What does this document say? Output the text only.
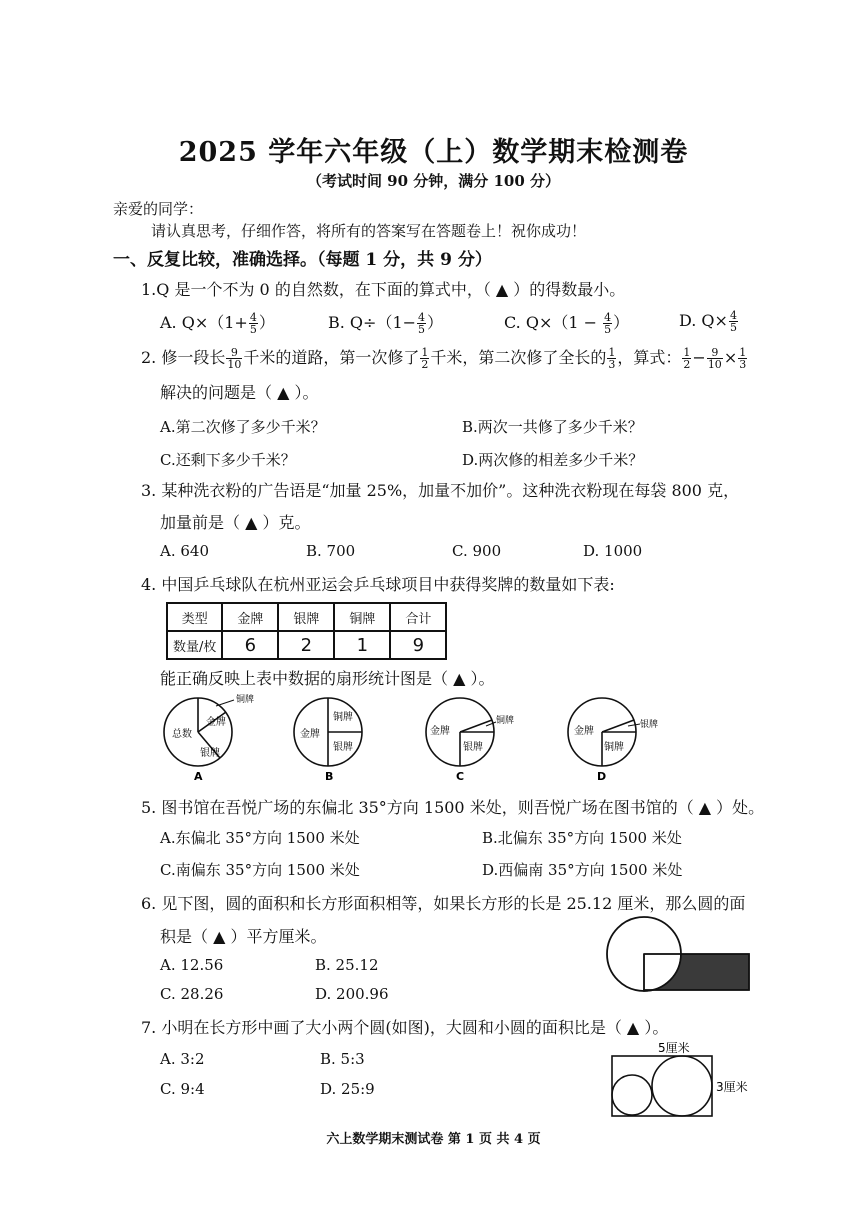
2025 学年六年级（上）数学期末检测卷
（考试时间 90 分钟，满分 100 分）
亲爱的同学：
请认真思考，仔细作答，将所有的答案写在答题卷上！祝你成功！
一、反复比较，准确选择。（每题 1 分，共 9 分）
1.Q 是一个不为 0 的自然数，在下面的算式中，（ ▲ ）的得数最小。
A. $Q\times(1+ \frac{4}{5}$ ）	B. $Q\div(1- \frac{4}{5}$ ）	C. $Q\times(1 - \frac{4}{5}$ ）	D. $Q\times \frac{4}{5}$
2. 修一段长 $\frac{9}{10}$ 千米的道路，第一次修了 $\frac{1}{2}$ 千米，第二次修了全长的 $\frac{1}{3}$ ，算式： $\frac{1}{2} - \frac{9}{10} \times \frac{1}{3}$
解决的问题是（ ▲ ）。
A.第二次修了多少千米？	B.两次一共修了多少千米？
C.还剩下多少千米？	D.两次修的相差多少千米？
3. 某种洗衣粉的广告语是“加量 25%，加量不加价”。这种洗衣粉现在每袋 800 克，
加量前是（ ▲ ）克。
A. 640	B. 700	C. 900	D. 1000
4. 中国乒乓球队在杭州亚运会乒乓球项目中获得奖牌的数量如下表:
类型	金牌	银牌	铜牌	合计
数量/枚	6	2	1	9
能正确反映上表中数据的扇形统计图是（ ▲ ）。
总数
金牌
银牌
铜牌
A
金牌
铜牌
银牌
B
金牌
银牌
铜牌
C
金牌
铜牌
银牌
D
5. 图书馆在吾悦广场的东偏北 35°方向 1500 米处，则吾悦广场在图书馆的（ ▲ ）处。
A.东偏北 35°方向 1500 米处	B.北偏东 35°方向 1500 米处
C.南偏东 35°方向 1500 米处	D.西偏南 35°方向 1500 米处
6. 见下图，圆的面积和长方形面积相等，如果长方形的长是 25.12 厘米，那么圆的面
积是（ ▲ ）平方厘米。
A. 12.56	B. 25.12
C. 28.26	D. 200.96
7. 小明在长方形中画了大小两个圆(如图)，大圆和小圆的面积比是（ ▲ ）。
A. 3:2	B. 5:3
C. 9:4	D. 25:9
5厘米
3厘米
六上数学期末测试卷 第 1 页 共 4 页
